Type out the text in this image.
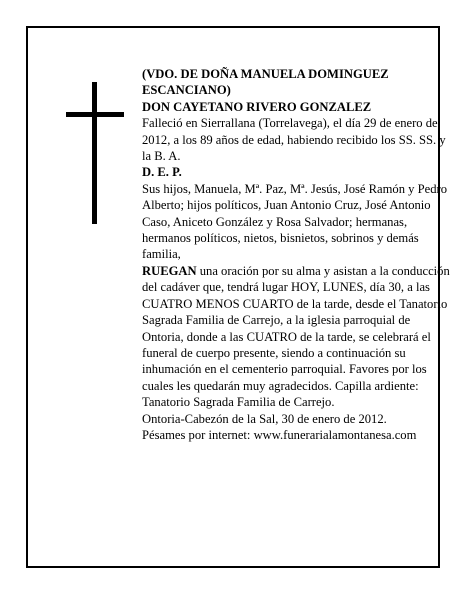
(VDO. DE DOÑA MANUELA DOMINGUEZ ESCANCIANO)

DON CAYETANO RIVERO GONZALEZ

Falleció en Sierrallana (Torrelavega), el día 29 de enero de 2012, a los 89 años de edad, habiendo recibido los SS. SS. y la B. A.

D. E. P.

Sus hijos, Manuela, Mª. Paz, Mª. Jesús, José Ramón y Pedro Alberto; hijos políticos, Juan Antonio Cruz, José Antonio Caso, Aniceto González y Rosa Salvador; hermanas, hermanos políticos, nietos, bisnietos, sobrinos y demás familia,

RUEGAN una oración por su alma y asistan a la conducción del cadáver que, tendrá lugar HOY, LUNES, día 30, a las CUATRO MENOS CUARTO de la tarde, desde el Tanatorio Sagrada Familia de Carrejo, a la iglesia parroquial de Ontoria, donde a las CUATRO de la tarde, se celebrará el funeral de cuerpo presente, siendo a continuación su inhumación en el cementerio parroquial. Favores por los cuales les quedarán muy agradecidos. Capilla ardiente: Tanatorio Sagrada Familia de Carrejo.

Ontoria-Cabezón de la Sal, 30 de enero de 2012.

Pésames por internet: www.funerarialamontanesa.com
